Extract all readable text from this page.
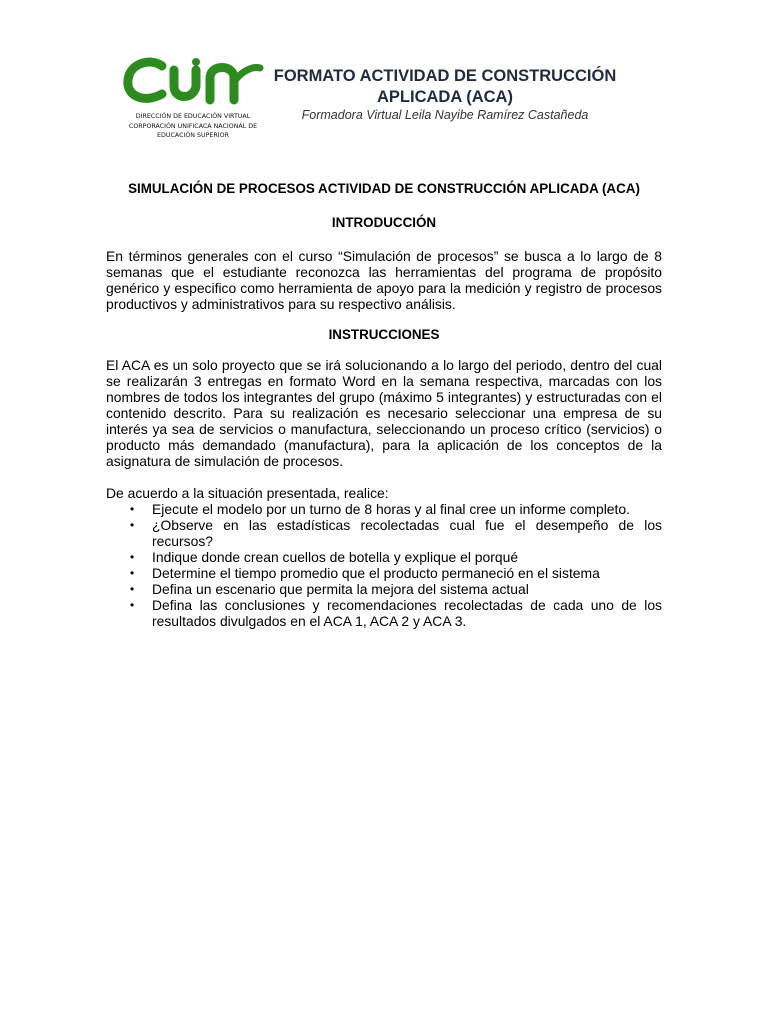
DIRECCIÓN DE EDUCACIÓN VIRTUAL
CORPORACIÓN UNIFICACA NACIONAL DE
EDUCACIÓN SUPERIOR
FORMATO ACTIVIDAD DE CONSTRUCCIÓN
APLICADA (ACA)
Formadora Virtual Leila Nayibe Ramírez Castañeda

SIMULACIÓN DE PROCESOS ACTIVIDAD DE CONSTRUCCIÓN APLICADA (ACA)

INTRODUCCIÓN

En términos generales con el curso “Simulación de procesos” se busca a lo largo de 8 semanas que el estudiante reconozca las herramientas del programa de propósito genérico y especifico como herramienta de apoyo para la medición y registro de procesos productivos y administrativos para su respectivo análisis.

INSTRUCCIONES

El ACA es un solo proyecto que se irá solucionando a lo largo del periodo, dentro del cual se realizarán 3 entregas en formato Word en la semana respectiva, marcadas con los nombres de todos los integrantes del grupo (máximo 5 integrantes) y estructuradas con el contenido descrito. Para su realización es necesario seleccionar una empresa de su interés ya sea de servicios o manufactura, seleccionando un proceso crítico (servicios) o producto más demandado (manufactura), para la aplicación de los conceptos de la asignatura de simulación de procesos.

De acuerdo a la situación presentada, realice:

• Ejecute el modelo por un turno de 8 horas y al final cree un informe completo.
• ¿Observe en las estadísticas recolectadas cual fue el desempeño de los recursos?
• Indique donde crean cuellos de botella y explique el porqué
• Determine el tiempo promedio que el producto permaneció en el sistema
• Defina un escenario que permita la mejora del sistema actual
• Defina las conclusiones y recomendaciones recolectadas de cada uno de los resultados divulgados en el ACA 1, ACA 2 y ACA 3.
